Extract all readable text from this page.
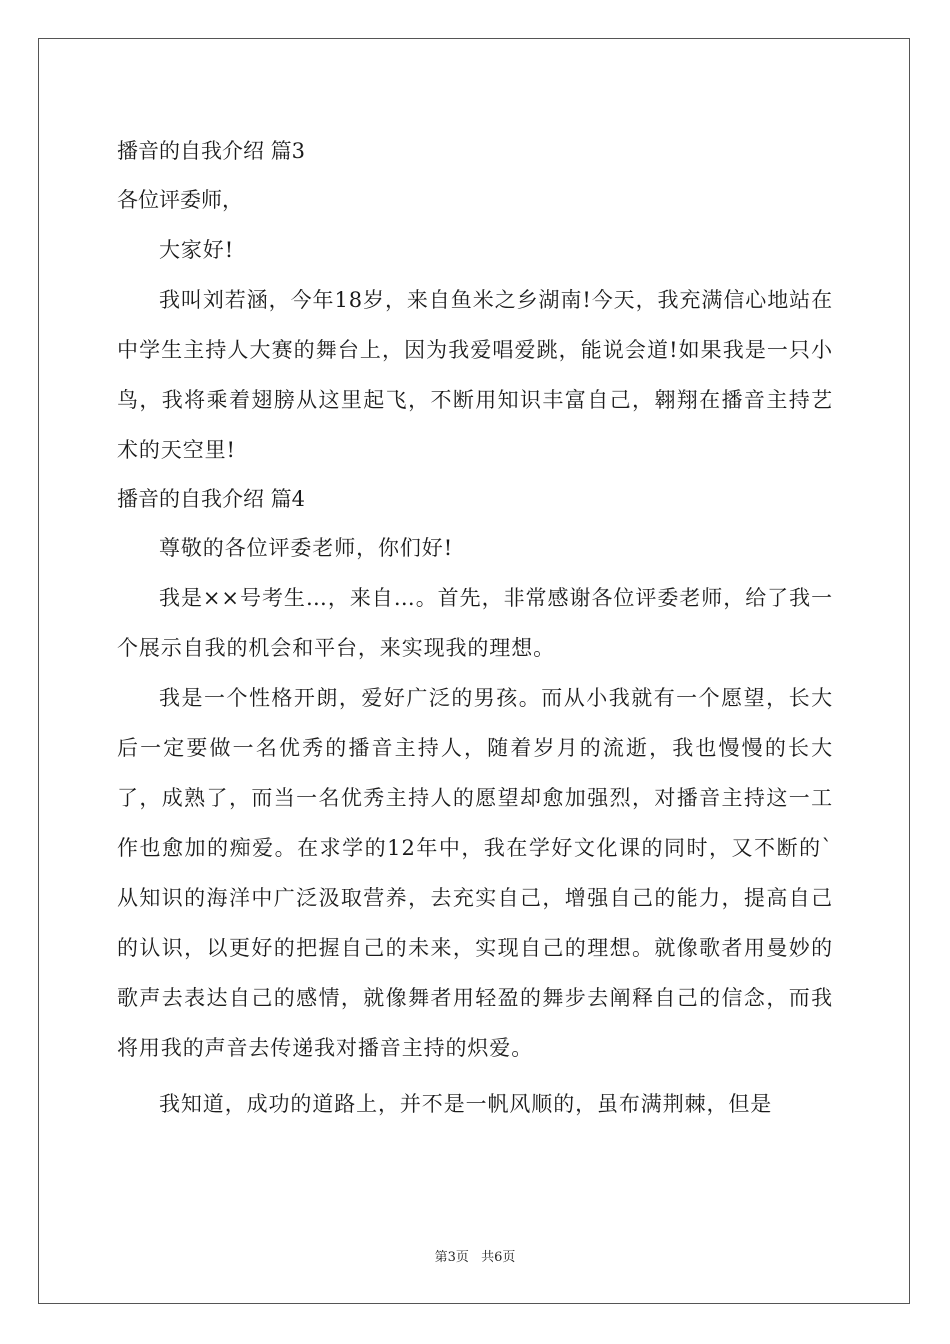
播音的自我介绍 篇3

各位评委师，

大家好!

我叫刘若涵，今年18岁，来自鱼米之乡湖南!今天，我充满信心地站在中学生主持人大赛的舞台上，因为我爱唱爱跳，能说会道!如果我是一只小鸟，我将乘着翅膀从这里起飞，不断用知识丰富自己，翱翔在播音主持艺术的天空里!

播音的自我介绍 篇4

尊敬的各位评委老师，你们好!

我是××号考生…，来自…。首先，非常感谢各位评委老师，给了我一个展示自我的机会和平台，来实现我的理想。

我是一个性格开朗，爱好广泛的男孩。而从小我就有一个愿望，长大后一定要做一名优秀的播音主持人，随着岁月的流逝，我也慢慢的长大了，成熟了，而当一名优秀主持人的愿望却愈加强烈，对播音主持这一工作也愈加的痴爱。在求学的12年中，我在学好文化课的同时，又不断的`从知识的海洋中广泛汲取营养，去充实自己，增强自己的能力，提高自己的认识，以更好的把握自己的未来，实现自己的理想。就像歌者用曼妙的歌声去表达自己的感情，就像舞者用轻盈的舞步去阐释自己的信念，而我将用我的声音去传递我对播音主持的炽爱。

我知道，成功的道路上，并不是一帆风顺的，虽布满荆棘，但是

第3页 共6页
